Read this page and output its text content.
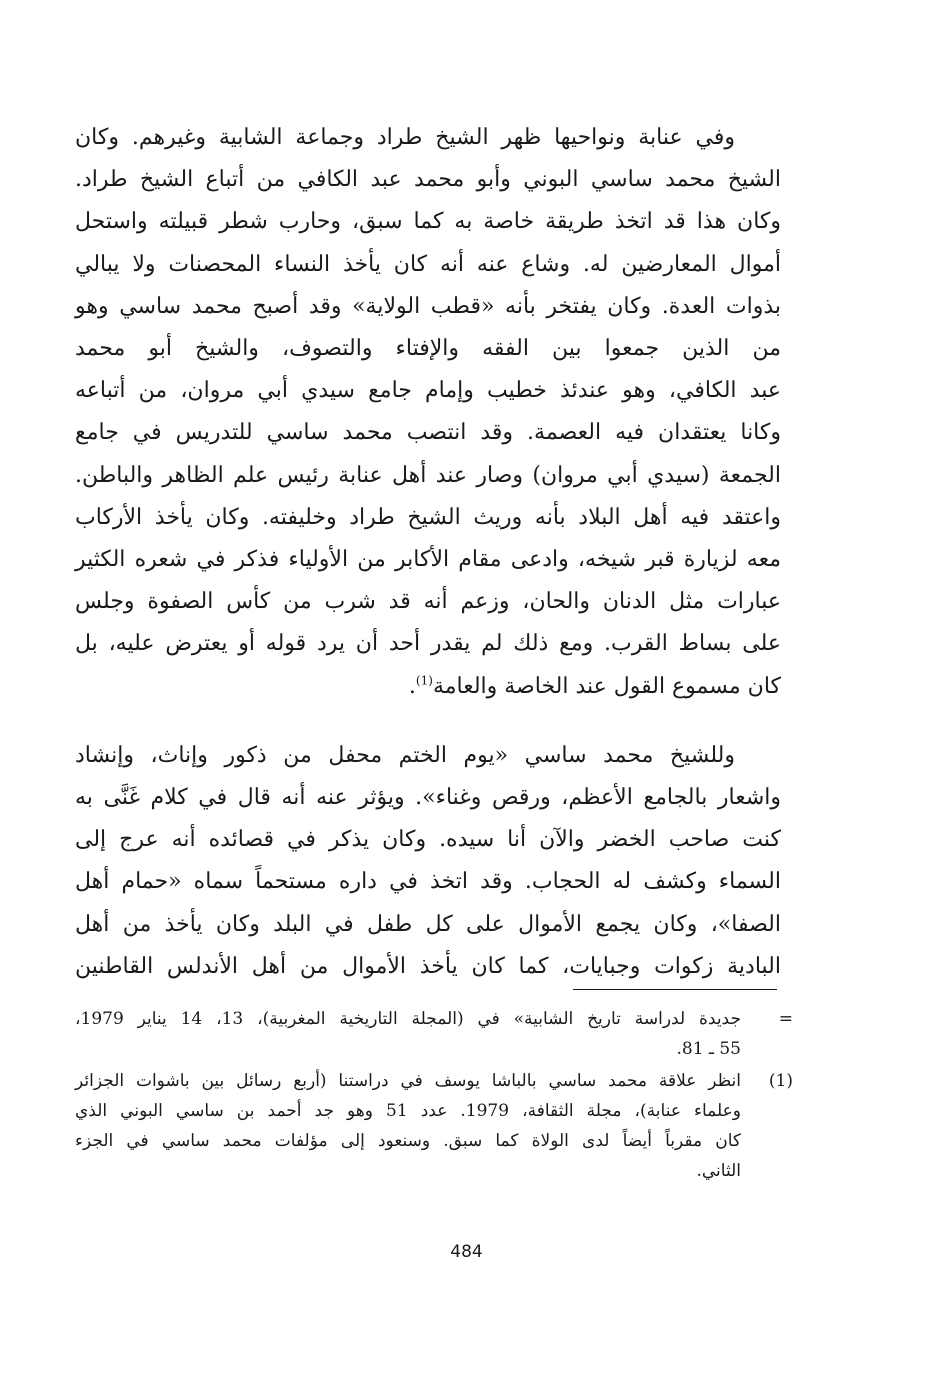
وفي عنابة ونواحيها ظهر الشيخ طراد وجماعة الشابية وغيرهم. وكان
الشيخ محمد ساسي البوني وأبو محمد عبد الكافي من أتباع الشيخ طراد.
وكان هذا قد اتخذ طريقة خاصة به كما سبق، وحارب شطر قبيلته واستحل
أموال المعارضين له. وشاع عنه أنه كان يأخذ النساء المحصنات ولا يبالي
بذوات العدة. وكان يفتخر بأنه «قطب الولاية» وقد أصبح محمد ساسي وهو
من الذين جمعوا بين الفقه والإفتاء والتصوف، والشيخ أبو محمد
عبد الكافي، وهو عندئذ خطيب وإمام جامع سيدي أبي مروان، من أتباعه
وكانا يعتقدان فيه العصمة. وقد انتصب محمد ساسي للتدريس في جامع
الجمعة (سيدي أبي مروان) وصار عند أهل عنابة رئيس علم الظاهر والباطن.
واعتقد فيه أهل البلاد بأنه وريث الشيخ طراد وخليفته. وكان يأخذ الأركاب
معه لزيارة قبر شيخه، وادعى مقام الأكابر من الأولياء فذكر في شعره الكثير
عبارات مثل الدنان والحان، وزعم أنه قد شرب من كأس الصفوة وجلس
على بساط القرب. ومع ذلك لم يقدر أحد أن يرد قوله أو يعترض عليه، بل
كان مسموع القول عند الخاصة والعامة$^{(1)}$.

وللشيخ محمد ساسي «يوم الختم محفل من ذكور وإناث، وإنشاد
واشعار بالجامع الأعظم، ورقص وغناء». ويؤثر عنه أنه قال في كلام غَنَّى به
كنت صاحب الخضر والآن أنا سيده. وكان يذكر في قصائده أنه عرج إلى
السماء وكشف له الحجاب. وقد اتخذ في داره مستحماً سماه «حمام أهل
الصفا»، وكان يجمع الأموال على كل طفل في البلد وكان يأخذ من أهل
البادية زكوات وجبايات، كما كان يأخذ الأموال من أهل الأندلس القاطنين

=
جديدة لدراسة تاريخ الشابية» في (المجلة التاريخية المغربية)، 13، 14 يناير 1979،
55 ـ 81.
(1)
انظر علاقة محمد ساسي بالباشا يوسف في دراستنا (أربع رسائل بين باشوات الجزائر
وعلماء عنابة)، مجلة الثقافة، 1979. عدد 51 وهو جد أحمد بن ساسي البوني الذي
كان مقرباً أيضاً لدى الولاة كما سبق. وسنعود إلى مؤلفات محمد ساسي في الجزء
الثاني.
484
